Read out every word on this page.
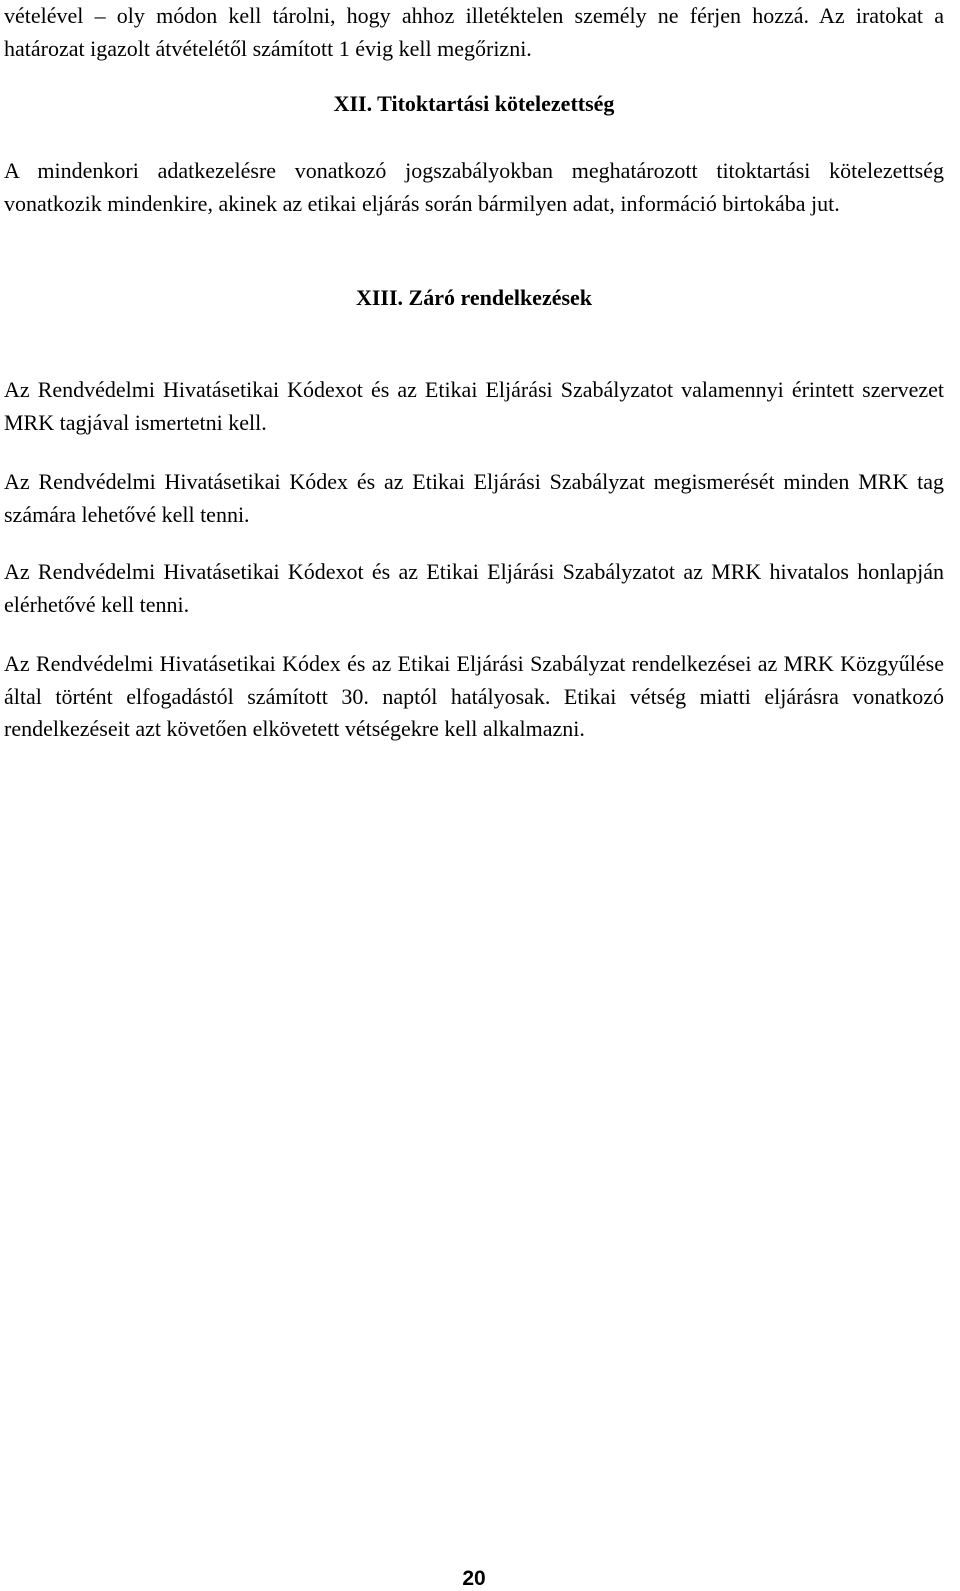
vételével – oly módon kell tárolni, hogy ahhoz illetéktelen személy ne férjen hozzá. Az iratokat a határozat igazolt átvételétől számított 1 évig kell megőrizni.

XII. Titoktartási kötelezettség

A mindenkori adatkezelésre vonatkozó jogszabályokban meghatározott titoktartási kötelezettség vonatkozik mindenkire, akinek az etikai eljárás során bármilyen adat, információ birtokába jut.

XIII. Záró rendelkezések

Az Rendvédelmi Hivatásetikai Kódexot és az Etikai Eljárási Szabályzatot valamennyi érintett szervezet MRK tagjával ismertetni kell.

Az Rendvédelmi Hivatásetikai Kódex és az Etikai Eljárási Szabályzat megismerését minden MRK tag számára lehetővé kell tenni.

Az Rendvédelmi Hivatásetikai Kódexot és az Etikai Eljárási Szabályzatot az MRK hivatalos honlapján elérhetővé kell tenni.

Az Rendvédelmi Hivatásetikai Kódex és az Etikai Eljárási Szabályzat rendelkezései az MRK Közgyűlése által történt elfogadástól számított 30. naptól hatályosak. Etikai vétség miatti eljárásra vonatkozó rendelkezéseit azt követően elkövetett vétségekre kell alkalmazni.

20
